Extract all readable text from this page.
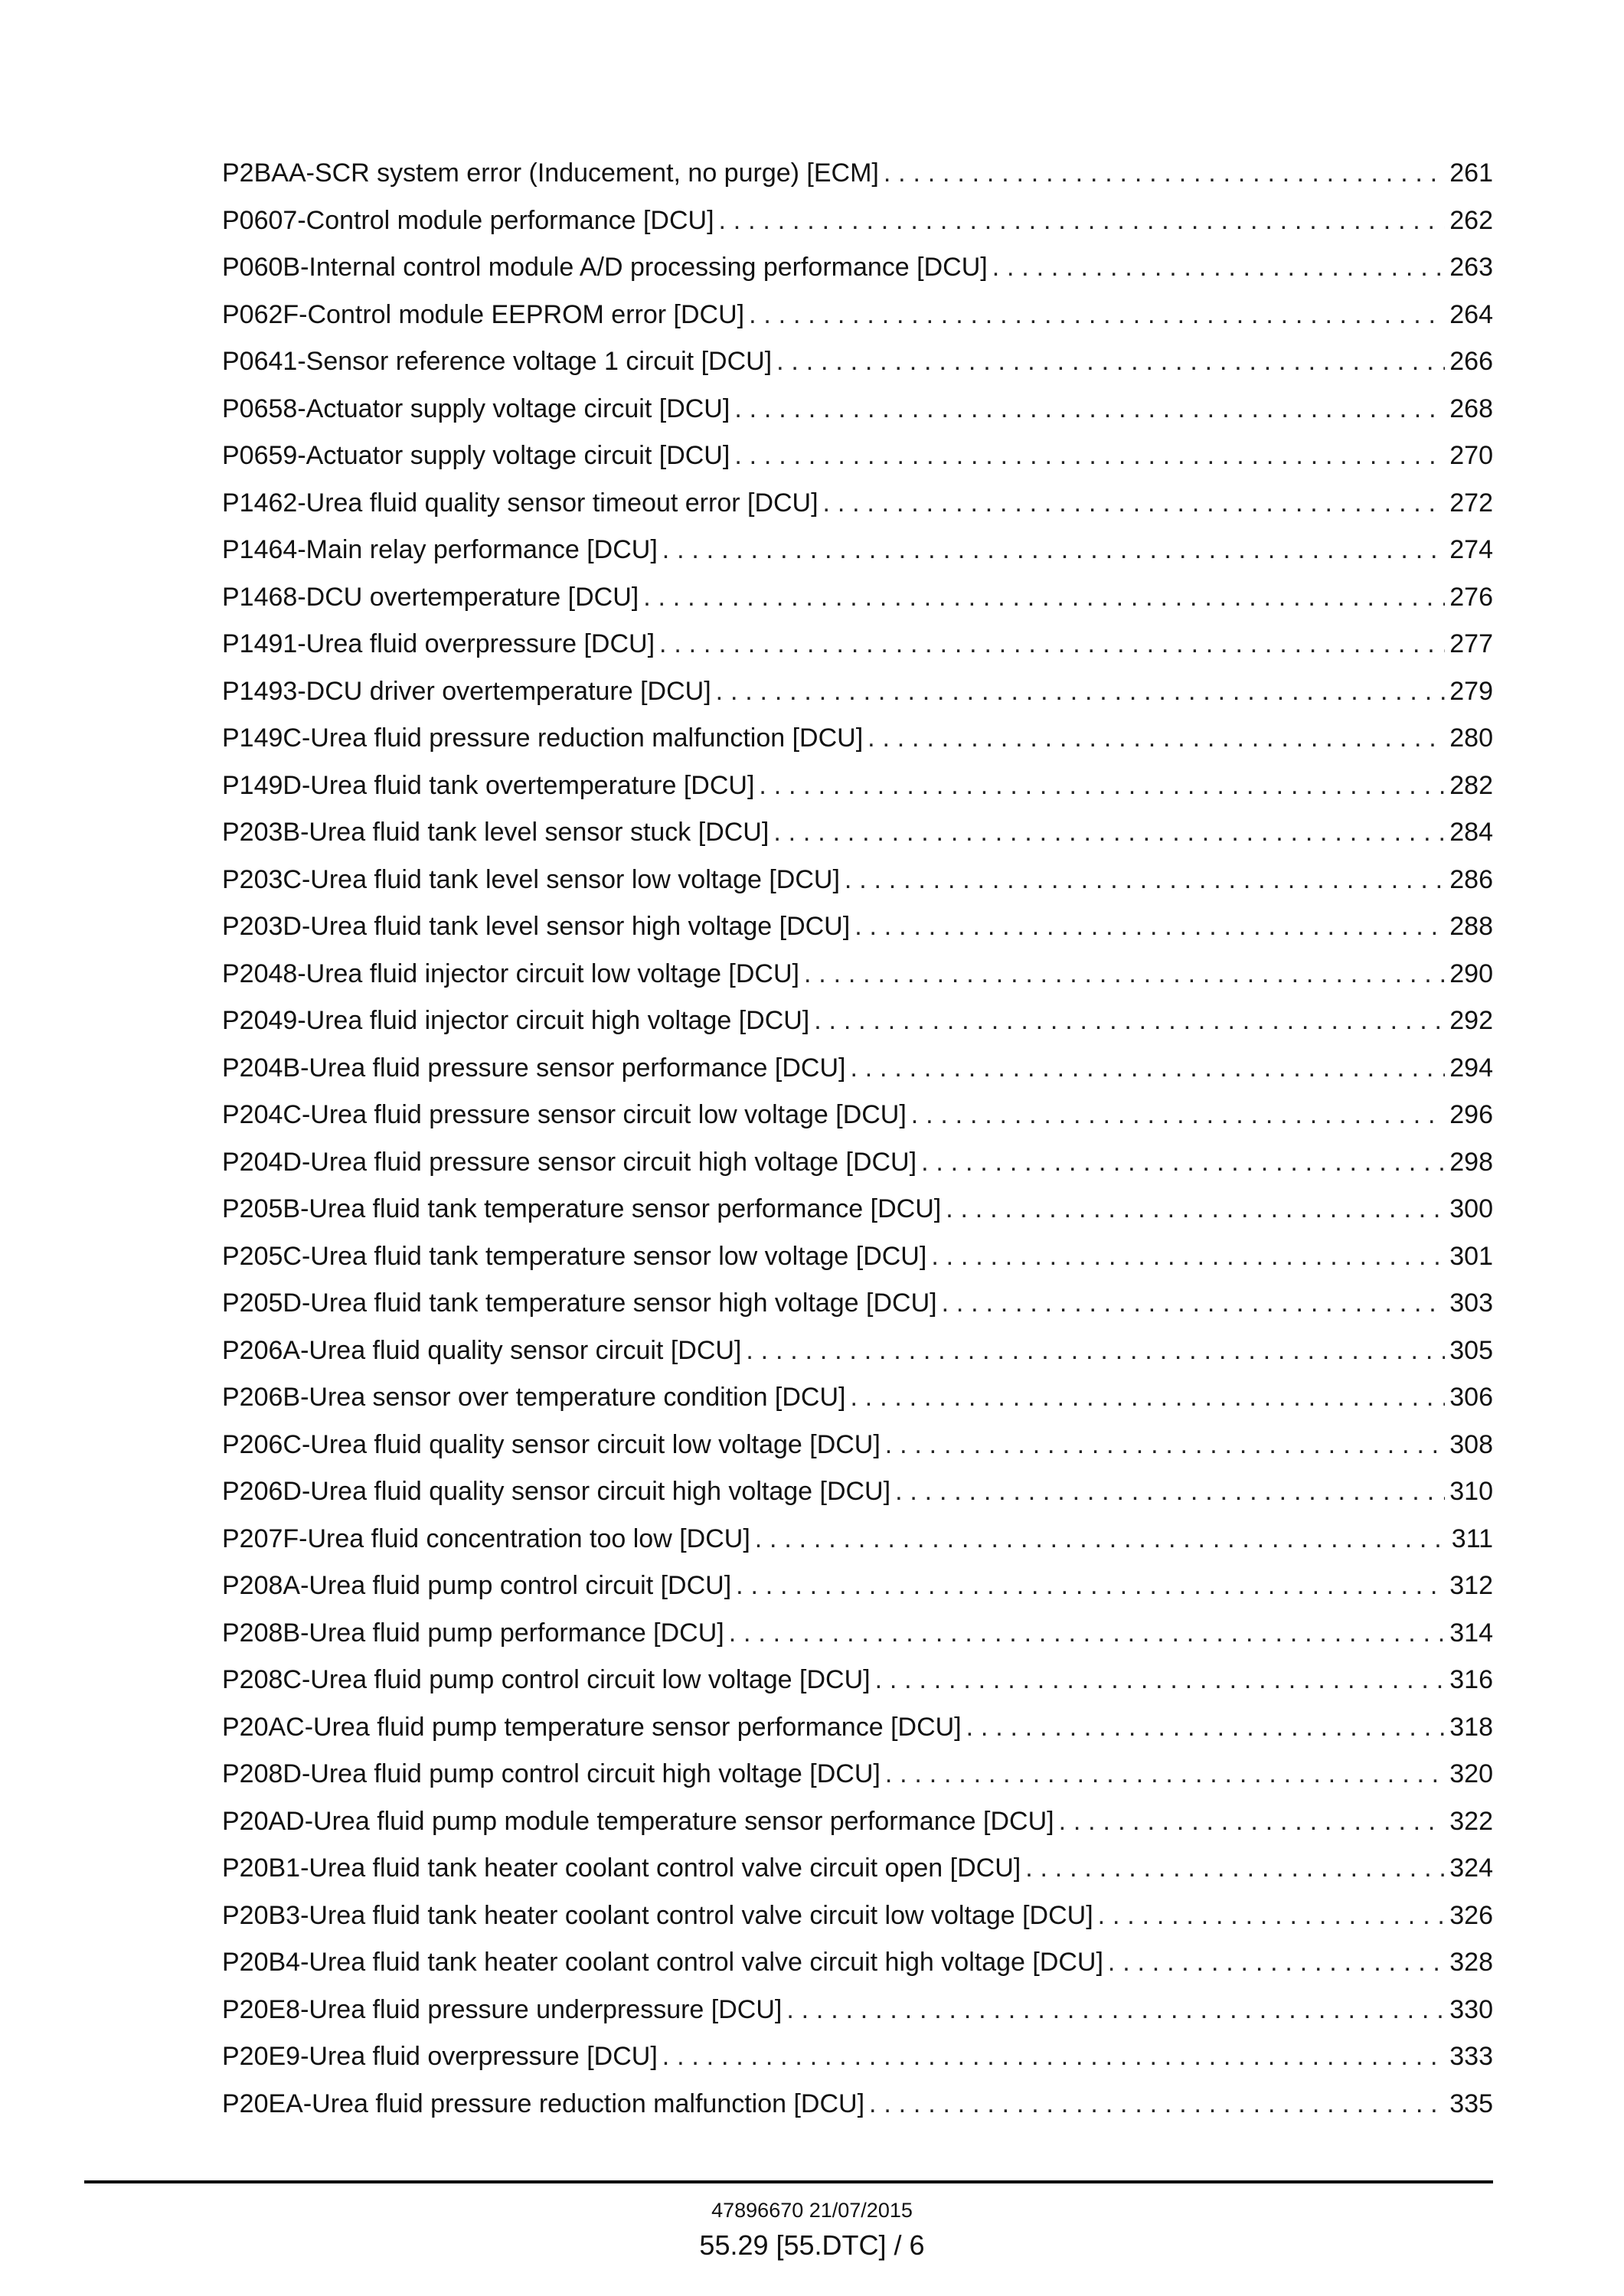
P2BAA-SCR system error (Inducement, no purge) [ECM] . . .	261
P0607-Control module performance [DCU] . . .	262
P060B-Internal control module A/D processing performance [DCU] . . .	263
P062F-Control module EEPROM error [DCU] . . .	264
P0641-Sensor reference voltage 1 circuit [DCU] . . .	266
P0658-Actuator supply voltage circuit [DCU] . . .	268
P0659-Actuator supply voltage circuit [DCU] . . .	270
P1462-Urea fluid quality sensor timeout error [DCU] . . .	272
P1464-Main relay performance [DCU] . . .	274
P1468-DCU overtemperature [DCU] . . .	276
P1491-Urea fluid overpressure [DCU] . . .	277
P1493-DCU driver overtemperature [DCU] . . .	279
P149C-Urea fluid pressure reduction malfunction [DCU] . . .	280
P149D-Urea fluid tank overtemperature [DCU] . . .	282
P203B-Urea fluid tank level sensor stuck [DCU] . . .	284
P203C-Urea fluid tank level sensor low voltage [DCU] . . .	286
P203D-Urea fluid tank level sensor high voltage [DCU] . . .	288
P2048-Urea fluid injector circuit low voltage [DCU] . . .	290
P2049-Urea fluid injector circuit high voltage [DCU] . . .	292
P204B-Urea fluid pressure sensor performance [DCU] . . .	294
P204C-Urea fluid pressure sensor circuit low voltage [DCU] . . .	296
P204D-Urea fluid pressure sensor circuit high voltage [DCU] . . .	298
P205B-Urea fluid tank temperature sensor performance [DCU] . . .	300
P205C-Urea fluid tank temperature sensor low voltage [DCU] . . .	301
P205D-Urea fluid tank temperature sensor high voltage [DCU] . . .	303
P206A-Urea fluid quality sensor circuit [DCU] . . .	305
P206B-Urea sensor over temperature condition [DCU] . . .	306
P206C-Urea fluid quality sensor circuit low voltage [DCU] . . .	308
P206D-Urea fluid quality sensor circuit high voltage [DCU] . . .	310
P207F-Urea fluid concentration too low [DCU] . . .	311
P208A-Urea fluid pump control circuit [DCU] . . .	312
P208B-Urea fluid pump performance [DCU] . . .	314
P208C-Urea fluid pump control circuit low voltage [DCU] . . .	316
P20AC-Urea fluid pump temperature sensor performance [DCU] . . .	318
P208D-Urea fluid pump control circuit high voltage [DCU] . . .	320
P20AD-Urea fluid pump module temperature sensor performance [DCU] . . .	322
P20B1-Urea fluid tank heater coolant control valve circuit open [DCU] . . .	324
P20B3-Urea fluid tank heater coolant control valve circuit low voltage [DCU] . . .	326
P20B4-Urea fluid tank heater coolant control valve circuit high voltage [DCU] . . .	328
P20E8-Urea fluid pressure underpressure [DCU] . . .	330
P20E9-Urea fluid overpressure [DCU] . . .	333
P20EA-Urea fluid pressure reduction malfunction [DCU] . . .	335
47896670 21/07/2015
55.29 [55.DTC] / 6
